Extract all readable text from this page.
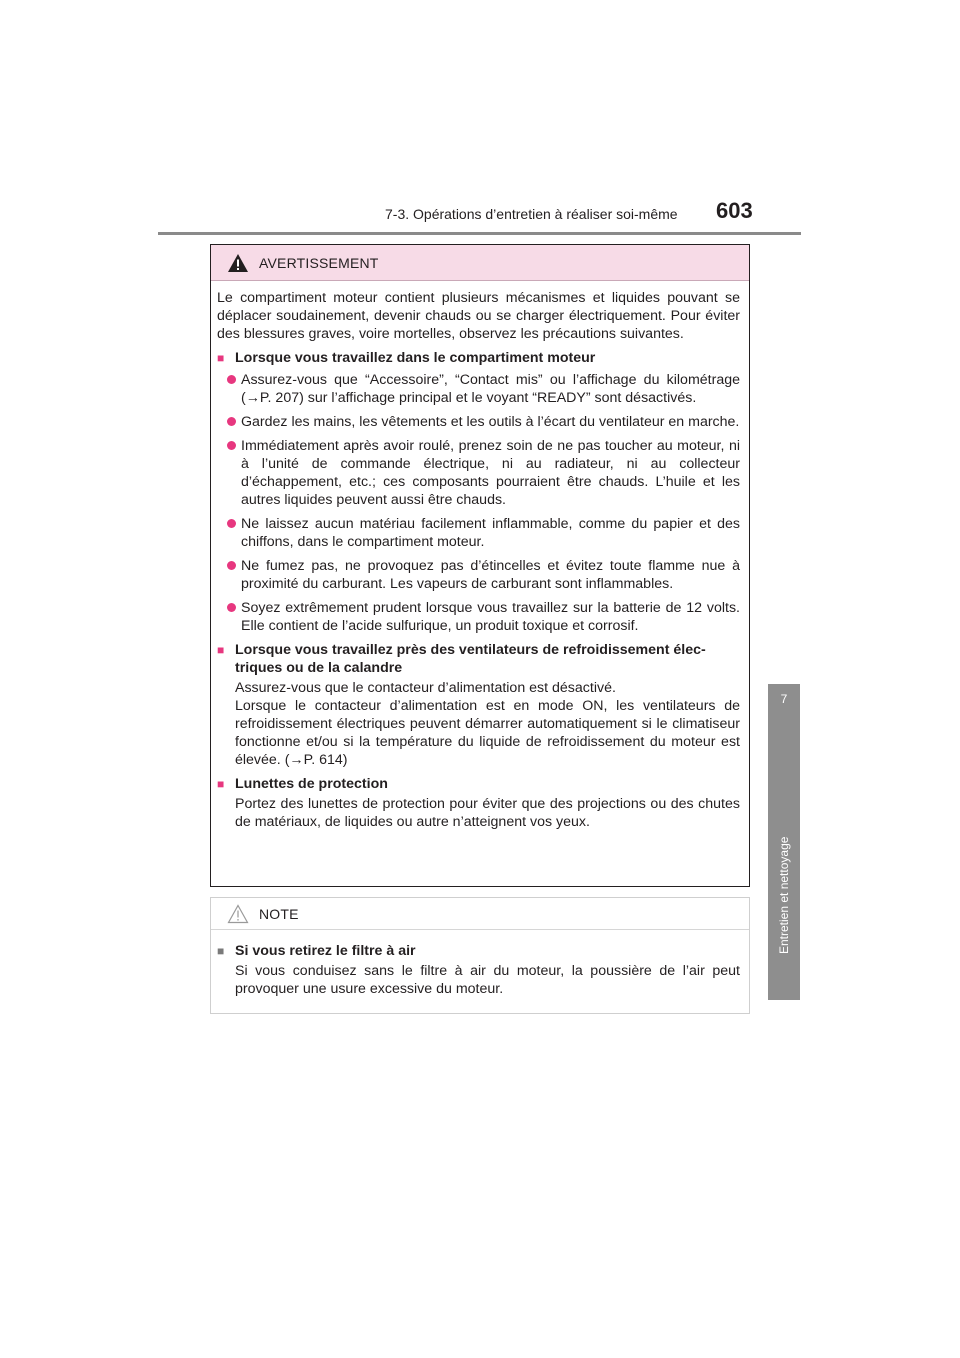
7-3. Opérations d’entretien à réaliser soi-même 603
7
Entretien et nettoyage
AVERTISSEMENT

Le compartiment moteur contient plusieurs mécanismes et liquides pouvant se déplacer soudainement, devenir chauds ou se charger électriquement. Pour éviter des blessures graves, voire mortelles, observez les précautions suivantes.

■
Lorsque vous travaillez dans le compartiment moteur

Assurez-vous que “Accessoire”, “Contact mis” ou l’affichage du kilométrage (→P. 207) sur l’affichage principal et le voyant “READY” sont désactivés.

Gardez les mains, les vêtements et les outils à l’écart du ventilateur en marche.

Immédiatement après avoir roulé, prenez soin de ne pas toucher au moteur, ni à l’unité de commande électrique, ni au radiateur, ni au collecteur d’échappement, etc.; ces composants pourraient être chauds. L’huile et les autres liquides peuvent aussi être chauds.

Ne laissez aucun matériau facilement inflammable, comme du papier et des chiffons, dans le compartiment moteur.

Ne fumez pas, ne provoquez pas d’étincelles et évitez toute flamme nue à proximité du carburant. Les vapeurs de carburant sont inflammables.

Soyez extrêmement prudent lorsque vous travaillez sur la batterie de 12 volts. Elle contient de l’acide sulfurique, un produit toxique et corrosif.

■
Lorsque vous travaillez près des ventilateurs de refroidissement électriques ou de la calandre

Assurez-vous que le contacteur d’alimentation est désactivé.

Lorsque le contacteur d’alimentation est en mode ON, les ventilateurs de refroidissement électriques peuvent démarrer automatiquement si le climatiseur fonctionne et/ou si la température du liquide de refroidissement du moteur est élevée. (→P. 614)

■
Lunettes de protection

Portez des lunettes de protection pour éviter que des projections ou des chutes de matériaux, de liquides ou autre n’atteignent vos yeux.

NOTE
■
Si vous retirez le filtre à air

Si vous conduisez sans le filtre à air du moteur, la poussière de l’air peut provoquer une usure excessive du moteur.
